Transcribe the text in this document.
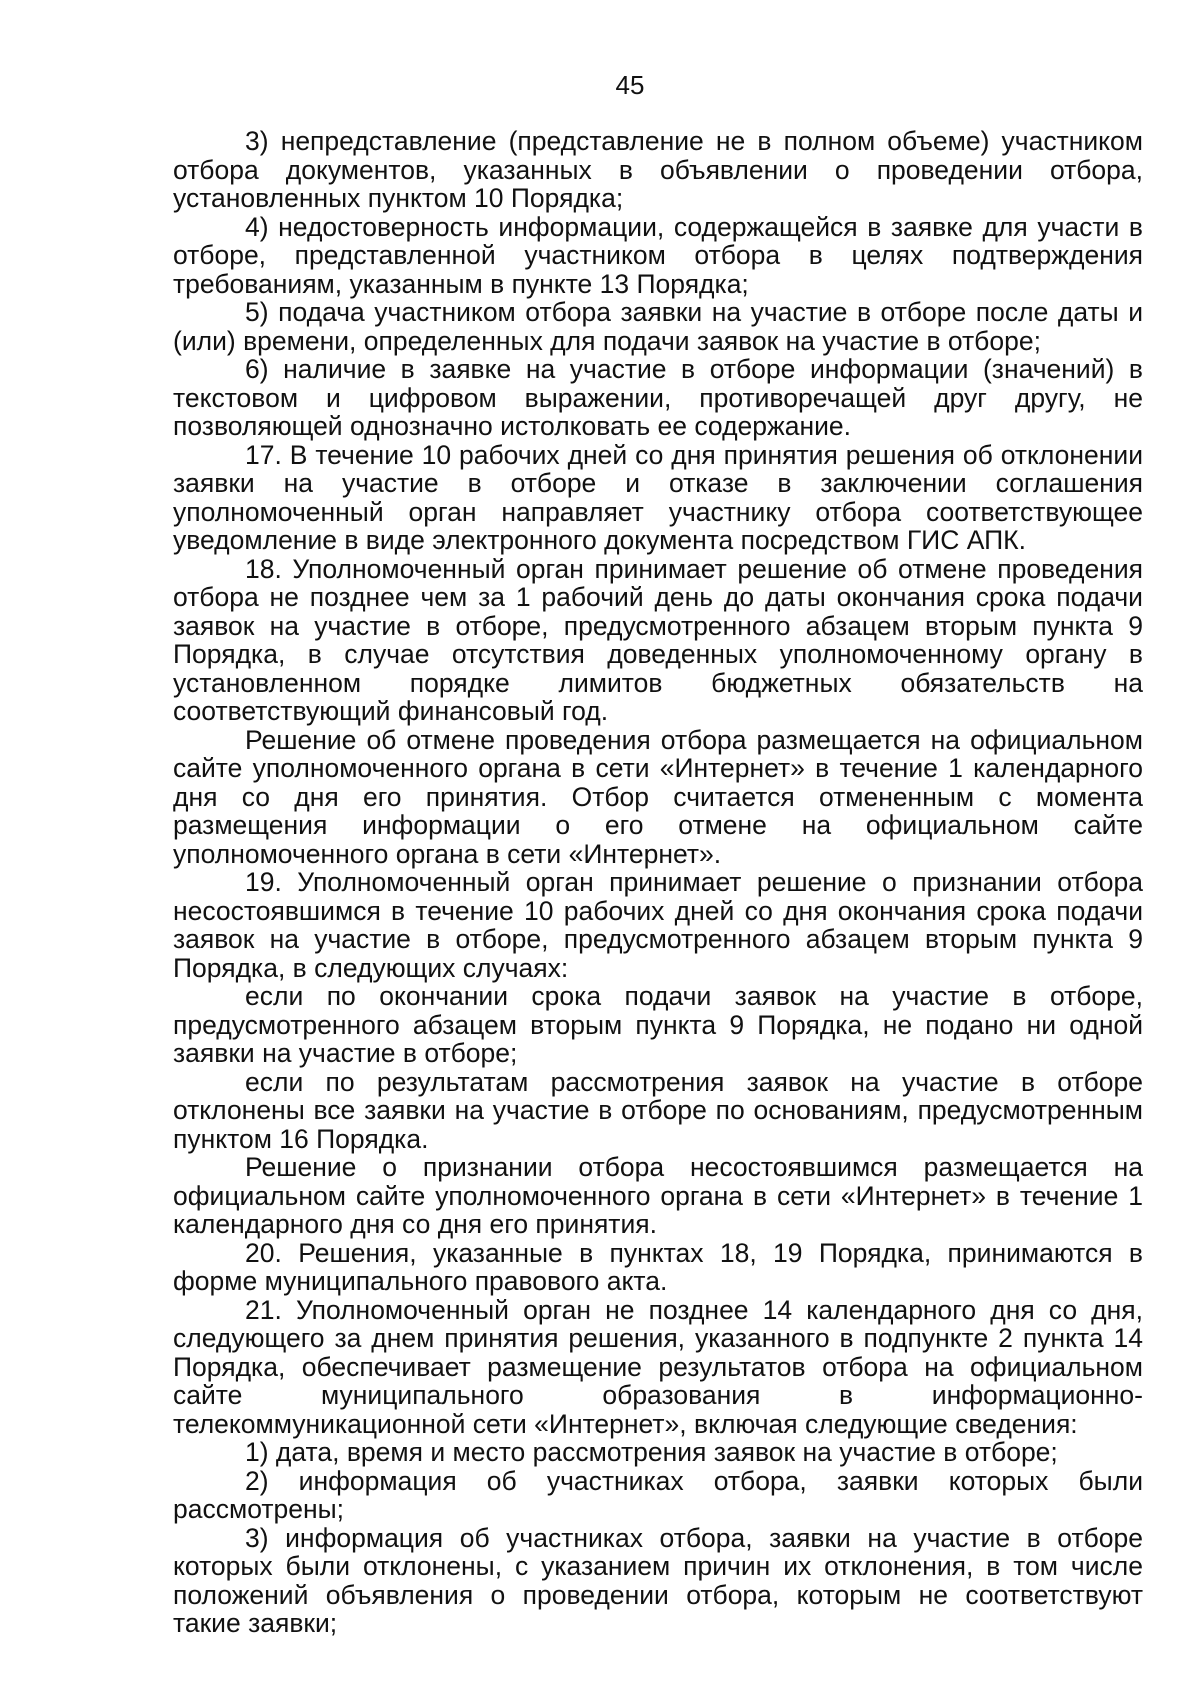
45

3) непредставление (представление не в полном объеме) участником отбора документов, указанных в объявлении о проведении отбора, установленных пунктом 10 Порядка;

4) недостоверность информации, содержащейся в заявке для участи в отборе, представленной участником отбора в целях подтверждения требованиям, указанным в пункте 13 Порядка;

5) подача участником отбора заявки на участие в отборе после даты и (или) времени, определенных для подачи заявок на участие в отборе;

6) наличие в заявке на участие в отборе информации (значений) в текстовом и цифровом выражении, противоречащей друг другу, не позволяющей однозначно истолковать ее содержание.

17. В течение 10 рабочих дней со дня принятия решения об отклонении заявки на участие в отборе и отказе в заключении соглашения уполномоченный орган направляет участнику отбора соответствующее уведомление в виде электронного документа посредством ГИС АПК.

18. Уполномоченный орган принимает решение об отмене проведения отбора не позднее чем за 1 рабочий день до даты окончания срока подачи заявок на участие в отборе, предусмотренного абзацем вторым пункта 9 Порядка, в случае отсутствия доведенных уполномоченному органу в установленном порядке лимитов бюджетных обязательств на соответствующий финансовый год.

Решение об отмене проведения отбора размещается на официальном сайте уполномоченного органа в сети «Интернет» в течение 1 календарного дня со дня его принятия. Отбор считается отмененным с момента размещения информации о его отмене на официальном сайте уполномоченного органа в сети «Интернет».

19. Уполномоченный орган принимает решение о признании отбора несостоявшимся в течение 10 рабочих дней со дня окончания срока подачи заявок на участие в отборе, предусмотренного абзацем вторым пункта 9 Порядка, в следующих случаях:

если по окончании срока подачи заявок на участие в отборе, предусмотренного абзацем вторым пункта 9 Порядка, не подано ни одной заявки на участие в отборе;

если по результатам рассмотрения заявок на участие в отборе отклонены все заявки на участие в отборе по основаниям, предусмотренным пунктом 16 Порядка.

Решение о признании отбора несостоявшимся размещается на официальном сайте уполномоченного органа в сети «Интернет» в течение 1 календарного дня со дня его принятия.

20. Решения, указанные в пунктах 18, 19 Порядка, принимаются в форме муниципального правового акта.

21. Уполномоченный орган не позднее 14 календарного дня со дня, следующего за днем принятия решения, указанного в подпункте 2 пункта 14 Порядка, обеспечивает размещение результатов отбора на официальном сайте муниципального образования в информационно-телекоммуникационной сети «Интернет», включая следующие сведения:

1) дата, время и место рассмотрения заявок на участие в отборе;

2) информация об участниках отбора, заявки которых были рассмотрены;

3) информация об участниках отбора, заявки на участие в отборе которых были отклонены, с указанием причин их отклонения, в том числе положений объявления о проведении отбора, которым не соответствуют такие заявки;
